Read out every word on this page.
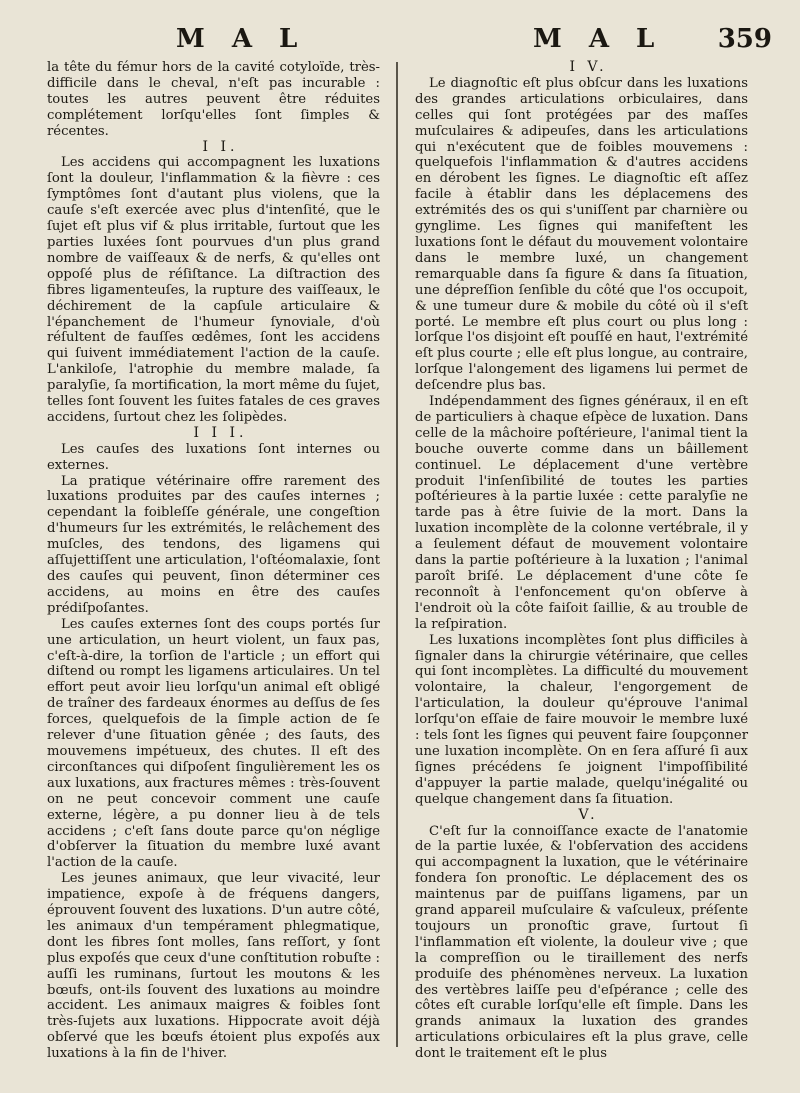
M A L	M A L 359

la tête du fémur hors de la cavité cotyloïde, très-difficile dans le cheval, n'eſt pas incurable : toutes les autres peuvent être réduites complétement lorſqu'elles ſont ſimples & récentes.

I I.

Les accidens qui accompagnent les luxations ſont la douleur, l'inflammation & la fièvre : ces ſymptômes ſont d'autant plus violens, que la cauſe s'eſt exercée avec plus d'intenſité, que le ſujet eſt plus vif & plus irritable, ſurtout que les parties luxées ſont pourvues d'un plus grand nombre de vaiſſeaux & de nerfs, & qu'elles ont oppoſé plus de réſiſtance. La diſtraction des fibres ligamenteuſes, la rupture des vaiſſeaux, le déchirement de la capſule articulaire & l'épanchement de l'humeur ſynoviale, d'où réſultent de fauſſes œdêmes, ſont les accidens qui ſuivent immédiatement l'action de la cauſe. L'ankiloſe, l'atrophie du membre malade, ſa paralyſie, ſa mortification, la mort même du ſujet, telles ſont ſouvent les ſuites fatales de ces graves accidens, ſurtout chez les ſolipèdes.

I I I.

Les cauſes des luxations ſont internes ou externes.

La pratique vétérinaire offre rarement des luxations produites par des cauſes internes ; cependant la foibleſſe générale, une congeſtion d'humeurs ſur les extrémités, le relâchement des muſcles, des tendons, des ligamens qui aſſujettiſſent une articulation, l'oſtéomalaxie, ſont des cauſes qui peuvent, ſinon déterminer ces accidens, au moins en être des cauſes prédiſpoſantes.

Les cauſes externes ſont des coups portés ſur une articulation, un heurt violent, un faux pas, c'eſt-à-dire, la torſion de l'article ; un effort qui diſtend ou rompt les ligamens articulaires. Un tel effort peut avoir lieu lorſqu'un animal eſt obligé de traîner des fardeaux énormes au deſſus de ſes forces, quelquefois de la ſimple action de ſe relever d'une ſituation gênée ; des ſauts, des mouvemens impétueux, des chutes. Il eſt des circonſtances qui diſpoſent ſingulièrement les os aux luxations, aux fractures mêmes : très-ſouvent on ne peut concevoir comment une cauſe externe, légère, a pu donner lieu à de tels accidens ; c'eſt ſans doute parce qu'on néglige d'obſerver la ſituation du membre luxé avant l'action de la cauſe.

Les jeunes animaux, que leur vivacité, leur impatience, expoſe à de fréquens dangers, éprouvent ſouvent des luxations. D'un autre côté, les animaux d'un tempérament phlegmatique, dont les fibres ſont molles, ſans reſſort, y ſont plus expoſés que ceux d'une conſtitution robuſte : auſſi les ruminans, ſurtout les moutons & les bœufs, ont-ils ſouvent des luxations au moindre accident. Les animaux maigres & foibles ſont très-ſujets aux luxations. Hippocrate avoit déjà obſervé que les bœufs étoient plus expoſés aux luxations à la fin de l'hiver.

I V.

Le diagnoſtic eſt plus obſcur dans les luxations des grandes articulations orbiculaires, dans celles qui ſont protégées par des maſſes muſculaires & adipeuſes, dans les articulations qui n'exécutent que de foibles mouvemens : quelquefois l'inflammation & d'autres accidens en dérobent les ſignes. Le diagnoſtic eſt aſſez facile à établir dans les déplacemens des extrémités des os qui s'uniſſent par charnière ou gynglime. Les ſignes qui manifeſtent les luxations ſont le défaut du mouvement volontaire dans le membre luxé, un changement remarquable dans ſa figure & dans ſa ſituation, une dépreſſion ſenſible du côté que l'os occupoit, & une tumeur dure & mobile du côté où il s'eſt porté. Le membre eſt plus court ou plus long : lorſque l'os disjoint eſt pouſſé en haut, l'extrémité eſt plus courte ; elle eſt plus longue, au contraire, lorſque l'alongement des ligamens lui permet de deſcendre plus bas.

Indépendamment des ſignes généraux, il en eſt de particuliers à chaque eſpèce de luxation. Dans celle de la mâchoire poſtérieure, l'animal tient la bouche ouverte comme dans un bâillement continuel. Le déplacement d'une vertèbre produit l'inſenſibilité de toutes les parties poſtérieures à la partie luxée : cette paralyſie ne tarde pas à être ſuivie de la mort. Dans la luxation incomplète de la colonne vertébrale, il y a ſeulement défaut de mouvement volontaire dans la partie poſtérieure à la luxation ; l'animal paroît briſé. Le déplacement d'une côte ſe reconnoît à l'enfoncement qu'on obſerve à l'endroit où la côte faiſoit ſaillie, & au trouble de la reſpiration.

Les luxations incomplètes ſont plus difficiles à ſignaler dans la chirurgie vétérinaire, que celles qui ſont incomplètes. La difficulté du mouvement volontaire, la chaleur, l'engorgement de l'articulation, la douleur qu'éprouve l'animal lorſqu'on eſſaie de faire mouvoir le membre luxé : tels ſont les ſignes qui peuvent faire ſoupçonner une luxation incomplète. On en ſera aſſuré ſi aux ſignes précédens ſe joignent l'impoſſibilité d'appuyer la partie malade, quelqu'inégalité ou quelque changement dans ſa ſituation.

V.

C'eſt ſur la connoiſſance exacte de l'anatomie de la partie luxée, & l'obſervation des accidens qui accompagnent la luxation, que le vétérinaire fondera ſon pronoſtic. Le déplacement des os maintenus par de puiſſans ligamens, par un grand appareil muſculaire & vaſculeux, préſente toujours un pronoſtic grave, ſurtout ſi l'inflammation eſt violente, la douleur vive ; que la compreſſion ou le tiraillement des nerfs produiſe des phénomènes nerveux. La luxation des vertèbres laiſſe peu d'eſpérance ; celle des côtes eſt curable lorſqu'elle eſt ſimple. Dans les grands animaux la luxation des grandes articulations orbiculaires eſt la plus grave, celle dont le traitement eſt le plus
